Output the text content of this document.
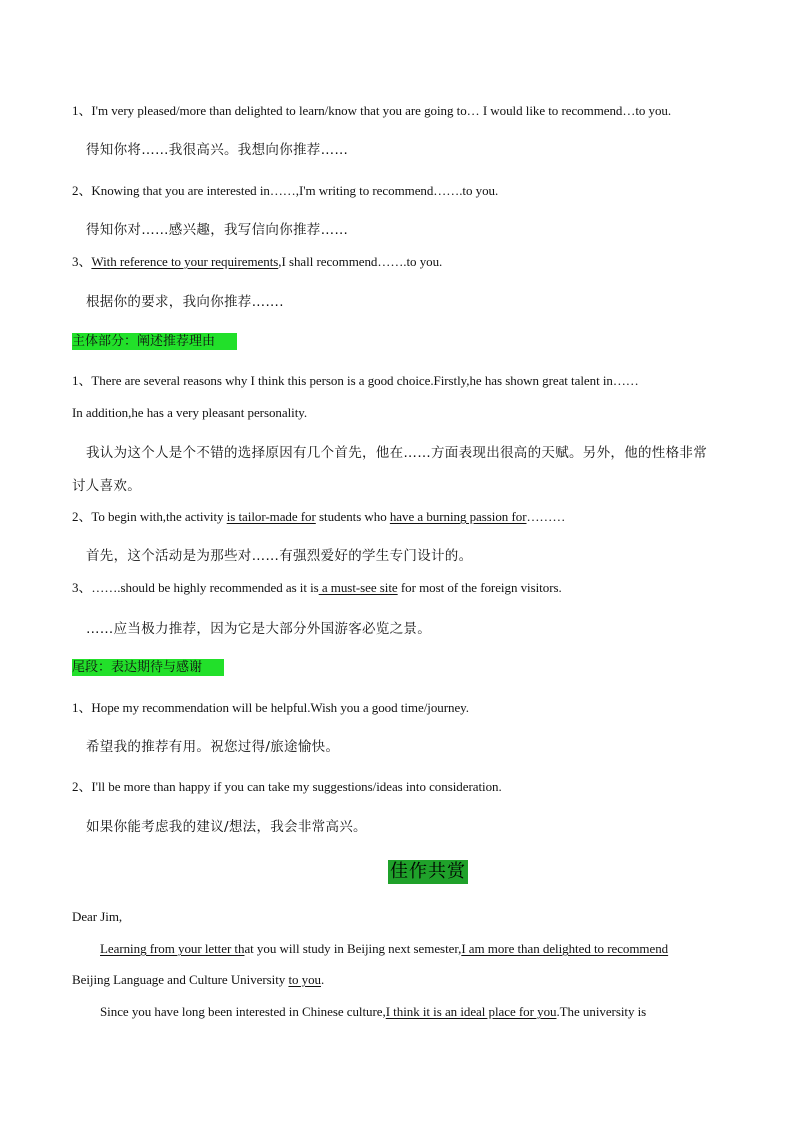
1、I'm very pleased/more than delighted to learn/know that you are going to… I would like to recommend…to you.
得知你将……我很高兴。我想向你推荐……
2、Knowing that you are interested in……,I'm writing to recommend…….to you.
得知你对……感兴趣，我写信向你推荐……
3、With reference to your requirements,I shall recommend…….to you.
根据你的要求，我向你推荐…….
主体部分：阐述推荐理由
1、There are several reasons why I think this person is a good choice.Firstly,he has shown great talent in……
In addition,he has a very pleasant personality.
我认为这个人是个不错的选择原因有几个首先，他在……方面表现出很高的天赋。另外，他的性格非常
讨人喜欢。
2、To begin with,the activity is tailor-made for students who have a burning passion for………
首先，这个活动是为那些对……有强烈爱好的学生专门设计的。
3、…….should be highly recommended as it is a must-see site for most of the foreign visitors.
……应当极力推荐，因为它是大部分外国游客必览之景。
尾段：表达期待与感谢
1、Hope my recommendation will be helpful.Wish you a good time/journey.
希望我的推荐有用。祝您过得/旅途愉快。
2、I'll be more than happy if you can take my suggestions/ideas into consideration.
如果你能考虑我的建议/想法，我会非常高兴。
佳作共赏
Dear Jim,
Learning from your letter that you will study in Beijing next semester,I am more than delighted to recommend
Beijing Language and Culture University to you.
Since you have long been interested in Chinese culture,I think it is an ideal place for you.The university is
